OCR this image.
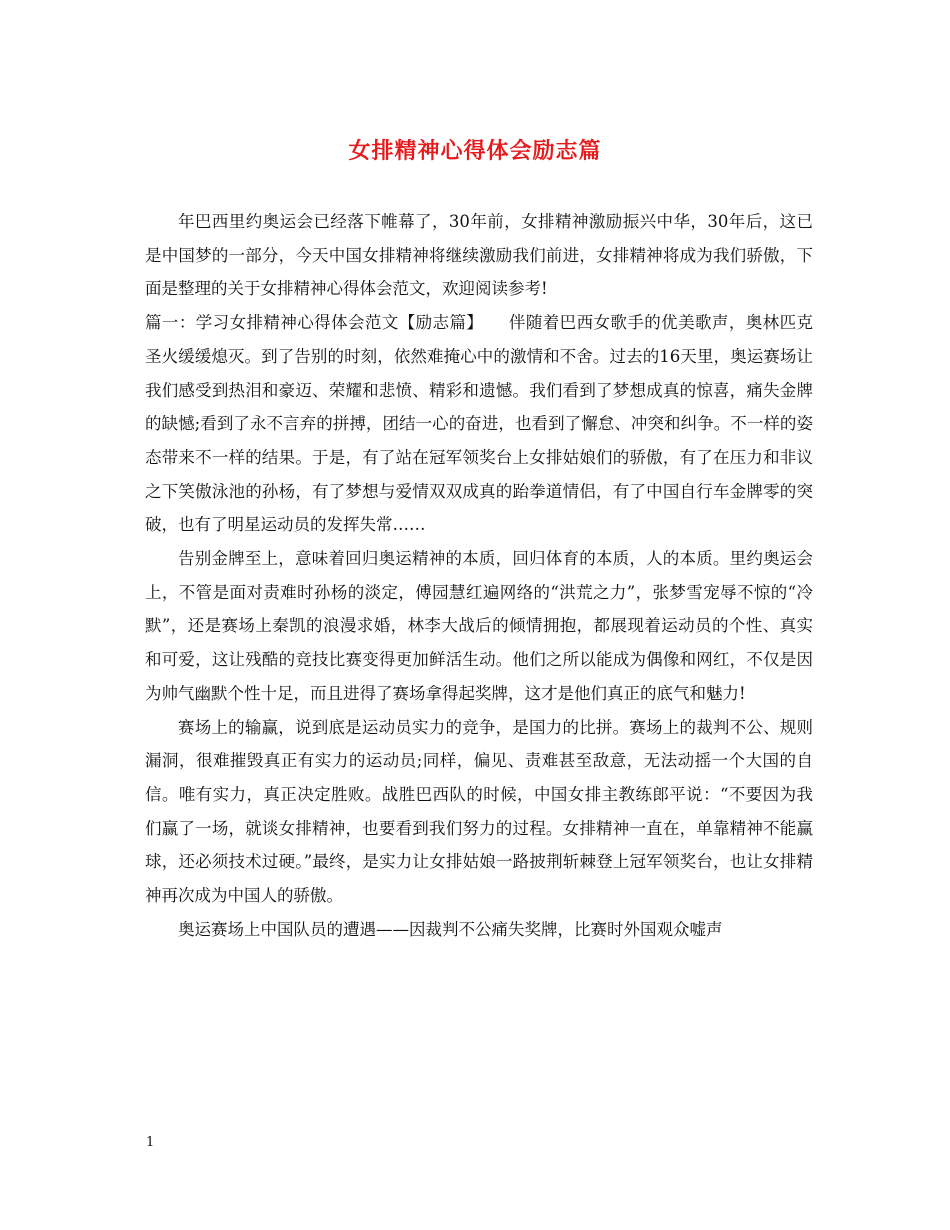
女排精神心得体会励志篇

年巴西里约奥运会已经落下帷幕了，30年前，女排精神激励振兴中华，30年后，这已是中国梦的一部分，今天中国女排精神将继续激励我们前进，女排精神将成为我们骄傲，下面是整理的关于女排精神心得体会范文，欢迎阅读参考!

篇一：学习女排精神心得体会范文【励志篇】　　伴随着巴西女歌手的优美歌声，奥林匹克圣火缓缓熄灭。到了告别的时刻，依然难掩心中的激情和不舍。过去的16天里，奥运赛场让我们感受到热泪和豪迈、荣耀和悲愤、精彩和遗憾。我们看到了梦想成真的惊喜，痛失金牌的缺憾;看到了永不言弃的拼搏，团结一心的奋进，也看到了懈怠、冲突和纠争。不一样的姿态带来不一样的结果。于是，有了站在冠军领奖台上女排姑娘们的骄傲，有了在压力和非议之下笑傲泳池的孙杨，有了梦想与爱情双双成真的跆拳道情侣，有了中国自行车金牌零的突破，也有了明星运动员的发挥失常……

告别金牌至上，意味着回归奥运精神的本质，回归体育的本质，人的本质。里约奥运会上，不管是面对责难时孙杨的淡定，傅园慧红遍网络的“洪荒之力”，张梦雪宠辱不惊的“冷默”，还是赛场上秦凯的浪漫求婚，林李大战后的倾情拥抱，都展现着运动员的个性、真实和可爱，这让残酷的竞技比赛变得更加鲜活生动。他们之所以能成为偶像和网红，不仅是因为帅气幽默个性十足，而且进得了赛场拿得起奖牌，这才是他们真正的底气和魅力!

赛场上的输赢，说到底是运动员实力的竞争，是国力的比拼。赛场上的裁判不公、规则漏洞，很难摧毁真正有实力的运动员;同样，偏见、责难甚至敌意，无法动摇一个大国的自信。唯有实力，真正决定胜败。战胜巴西队的时候，中国女排主教练郎平说：“不要因为我们赢了一场，就谈女排精神，也要看到我们努力的过程。女排精神一直在，单靠精神不能赢球，还必须技术过硬。”最终，是实力让女排姑娘一路披荆斩棘登上冠军领奖台，也让女排精神再次成为中国人的骄傲。

奥运赛场上中国队员的遭遇——因裁判不公痛失奖牌，比赛时外国观众嘘声

1
